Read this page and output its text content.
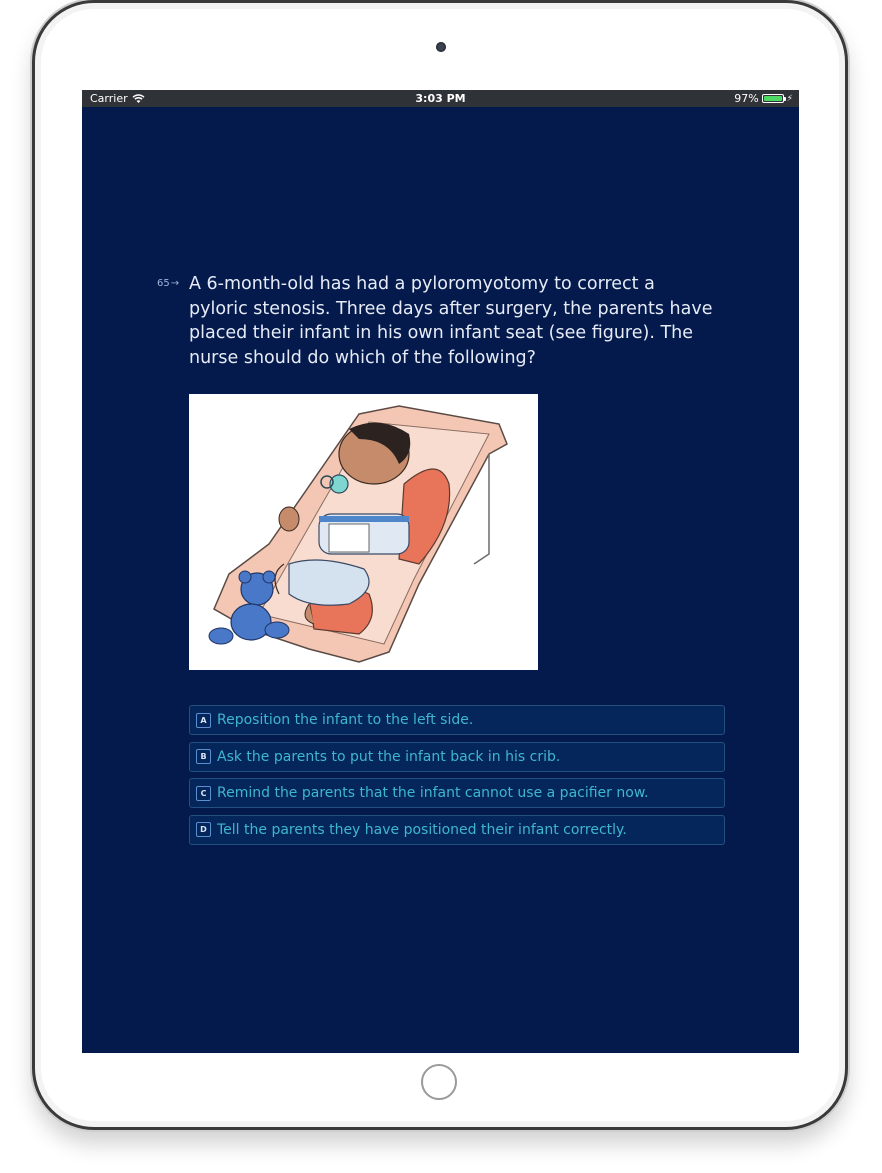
Carrier	3:03 PM	97%	⚡
65→ A 6-month-old has had a pyloromyotomy to correct a pyloric stenosis. Three days after surgery, the parents have placed their infant in his own infant seat (see figure). The nurse should do which of the following?
A Reposition the infant to the left side.
B Ask the parents to put the infant back in his crib.
C Remind the parents that the infant cannot use a pacifier now.
D Tell the parents they have positioned their infant correctly.
